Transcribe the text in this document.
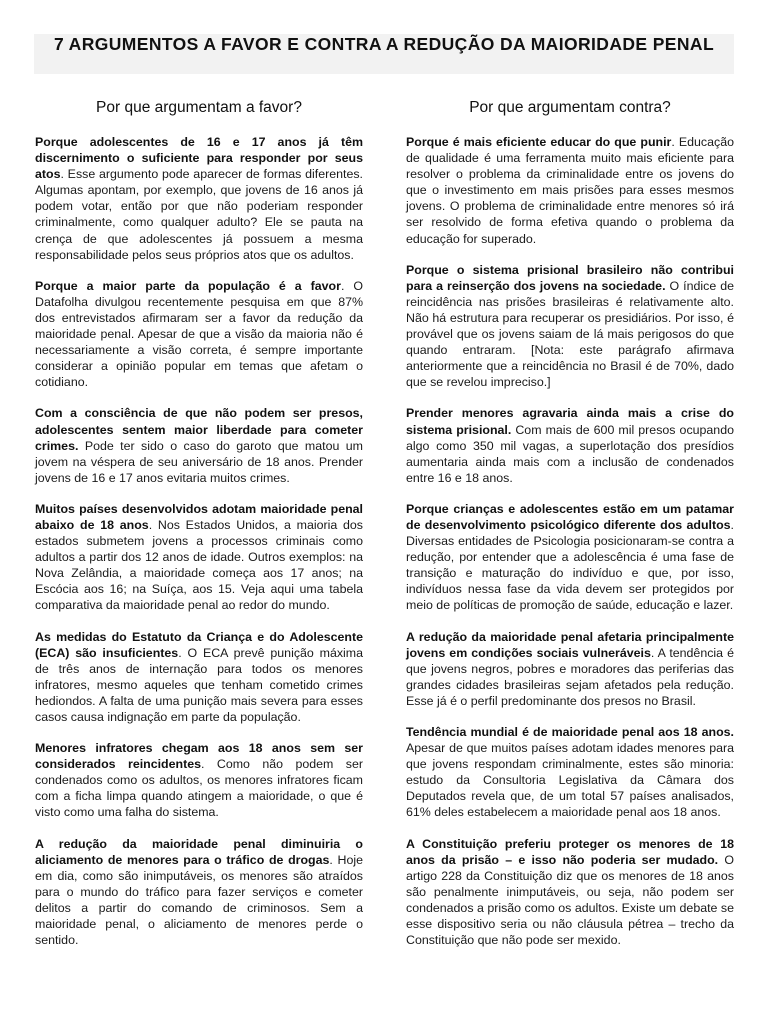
7 ARGUMENTOS A FAVOR E CONTRA A REDUÇÃO DA MAIORIDADE PENAL
Por que argumentam a favor?

Porque adolescentes de 16 e 17 anos já têm discernimento o suficiente para responder por seus atos. Esse argumento pode aparecer de formas diferentes. Algumas apontam, por exemplo, que jovens de 16 anos já podem votar, então por que não poderiam responder criminalmente, como qualquer adulto? Ele se pauta na crença de que adolescentes já possuem a mesma responsabilidade pelos seus próprios atos que os adultos.

Porque a maior parte da população é a favor. O Datafolha divulgou recentemente pesquisa em que 87% dos entrevistados afirmaram ser a favor da redução da maioridade penal. Apesar de que a visão da maioria não é necessariamente a visão correta, é sempre importante considerar a opinião popular em temas que afetam o cotidiano.

Com a consciência de que não podem ser presos, adolescentes sentem maior liberdade para cometer crimes. Pode ter sido o caso do garoto que matou um jovem na véspera de seu aniversário de 18 anos. Prender jovens de 16 e 17 anos evitaria muitos crimes.

Muitos países desenvolvidos adotam maioridade penal abaixo de 18 anos. Nos Estados Unidos, a maioria dos estados submetem jovens a processos criminais como adultos a partir dos 12 anos de idade. Outros exemplos: na Nova Zelândia, a maioridade começa aos 17 anos; na Escócia aos 16; na Suíça, aos 15. Veja aqui uma tabela comparativa da maioridade penal ao redor do mundo.

As medidas do Estatuto da Criança e do Adolescente (ECA) são insuficientes. O ECA prevê punição máxima de três anos de internação para todos os menores infratores, mesmo aqueles que tenham cometido crimes hediondos. A falta de uma punição mais severa para esses casos causa indignação em parte da população.

Menores infratores chegam aos 18 anos sem ser considerados reincidentes. Como não podem ser condenados como os adultos, os menores infratores ficam com a ficha limpa quando atingem a maioridade, o que é visto como uma falha do sistema.

A redução da maioridade penal diminuiria o aliciamento de menores para o tráfico de drogas. Hoje em dia, como são inimputáveis, os menores são atraídos para o mundo do tráfico para fazer serviços e cometer delitos a partir do comando de criminosos. Sem a maioridade penal, o aliciamento de menores perde o sentido.

Por que argumentam contra?

Porque é mais eficiente educar do que punir. Educação de qualidade é uma ferramenta muito mais eficiente para resolver o problema da criminalidade entre os jovens do que o investimento em mais prisões para esses mesmos jovens. O problema de criminalidade entre menores só irá ser resolvido de forma efetiva quando o problema da educação for superado.

Porque o sistema prisional brasileiro não contribui para a reinserção dos jovens na sociedade. O índice de reincidência nas prisões brasileiras é relativamente alto. Não há estrutura para recuperar os presidiários. Por isso, é provável que os jovens saiam de lá mais perigosos do que quando entraram. [Nota: este parágrafo afirmava anteriormente que a reincidência no Brasil é de 70%, dado que se revelou impreciso.]

Prender menores agravaria ainda mais a crise do sistema prisional. Com mais de 600 mil presos ocupando algo como 350 mil vagas, a superlotação dos presídios aumentaria ainda mais com a inclusão de condenados entre 16 e 18 anos.

Porque crianças e adolescentes estão em um patamar de desenvolvimento psicológico diferente dos adultos. Diversas entidades de Psicologia posicionaram-se contra a redução, por entender que a adolescência é uma fase de transição e maturação do indivíduo e que, por isso, indivíduos nessa fase da vida devem ser protegidos por meio de políticas de promoção de saúde, educação e lazer.

A redução da maioridade penal afetaria principalmente jovens em condições sociais vulneráveis. A tendência é que jovens negros, pobres e moradores das periferias das grandes cidades brasileiras sejam afetados pela redução. Esse já é o perfil predominante dos presos no Brasil.

Tendência mundial é de maioridade penal aos 18 anos. Apesar de que muitos países adotam idades menores para que jovens respondam criminalmente, estes são minoria: estudo da Consultoria Legislativa da Câmara dos Deputados revela que, de um total 57 países analisados, 61% deles estabelecem a maioridade penal aos 18 anos.

A Constituição preferiu proteger os menores de 18 anos da prisão – e isso não poderia ser mudado. O artigo 228 da Constituição diz que os menores de 18 anos são penalmente inimputáveis, ou seja, não podem ser condenados a prisão como os adultos. Existe um debate se esse dispositivo seria ou não cláusula pétrea – trecho da Constituição que não pode ser mexido.
